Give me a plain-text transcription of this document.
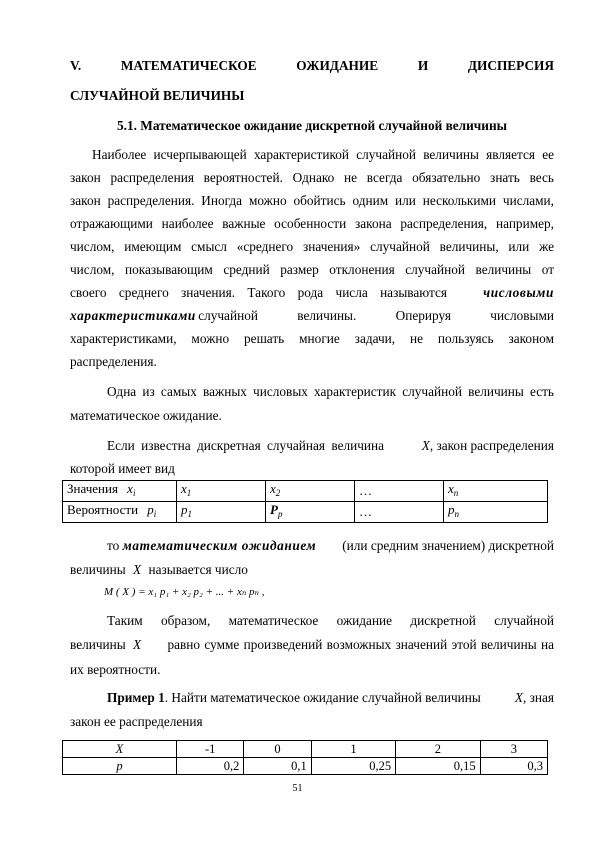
V.	МАТЕМАТИЧЕСКОЕ	ОЖИДАНИЕ	И	ДИСПЕРСИЯ
СЛУЧАЙНОЙ ВЕЛИЧИНЫ
5.1. Математическое ожидание дискретной случайной величины
Наиболее исчерпывающей характеристикой случайной величины является ее
закон распределения вероятностей. Однако не всегда обязательно знать весь
закон распределения. Иногда можно обойтись одним или несколькими числами,
отражающими наиболее важные особенности закона распределения, например,
числом, имеющим смысл «среднего значения» случайной величины, или же
числом, показывающим средний размер отклонения случайной величины от
своего среднего значения. Такого рода числа называются	числовыми
характеристиками случайной величины. Оперируя числовыми
характеристиками, можно решать многие задачи, не пользуясь законом
распределения.
Одна из самых важных числовых характеристик случайной величины есть
математическое ожидание.
Если известна дискретная случайная величина	X, закон распределения
которой имеет вид
Значения $x_i$	$x_1$	$x_2$	…	$x_n$
Вероятности $p_i$	$p_1$	$P_p$	…	$p_n$
то математическим ожиданием (или средним значением) дискретной
величины X называется число
M ( X ) = x₁ p₁ + x₂ p₂ + ... + xₙ pₙ ,
Таким образом, математическое ожидание дискретной случайной
величины X равно сумме произведений возможных значений этой величины на
их вероятности.
Пример 1. Найти математическое ожидание случайной величины	X, зная
закон ее распределения
X	-1	0	1	2	3
p	0,2	0,1	0,25	0,15	0,3
51
